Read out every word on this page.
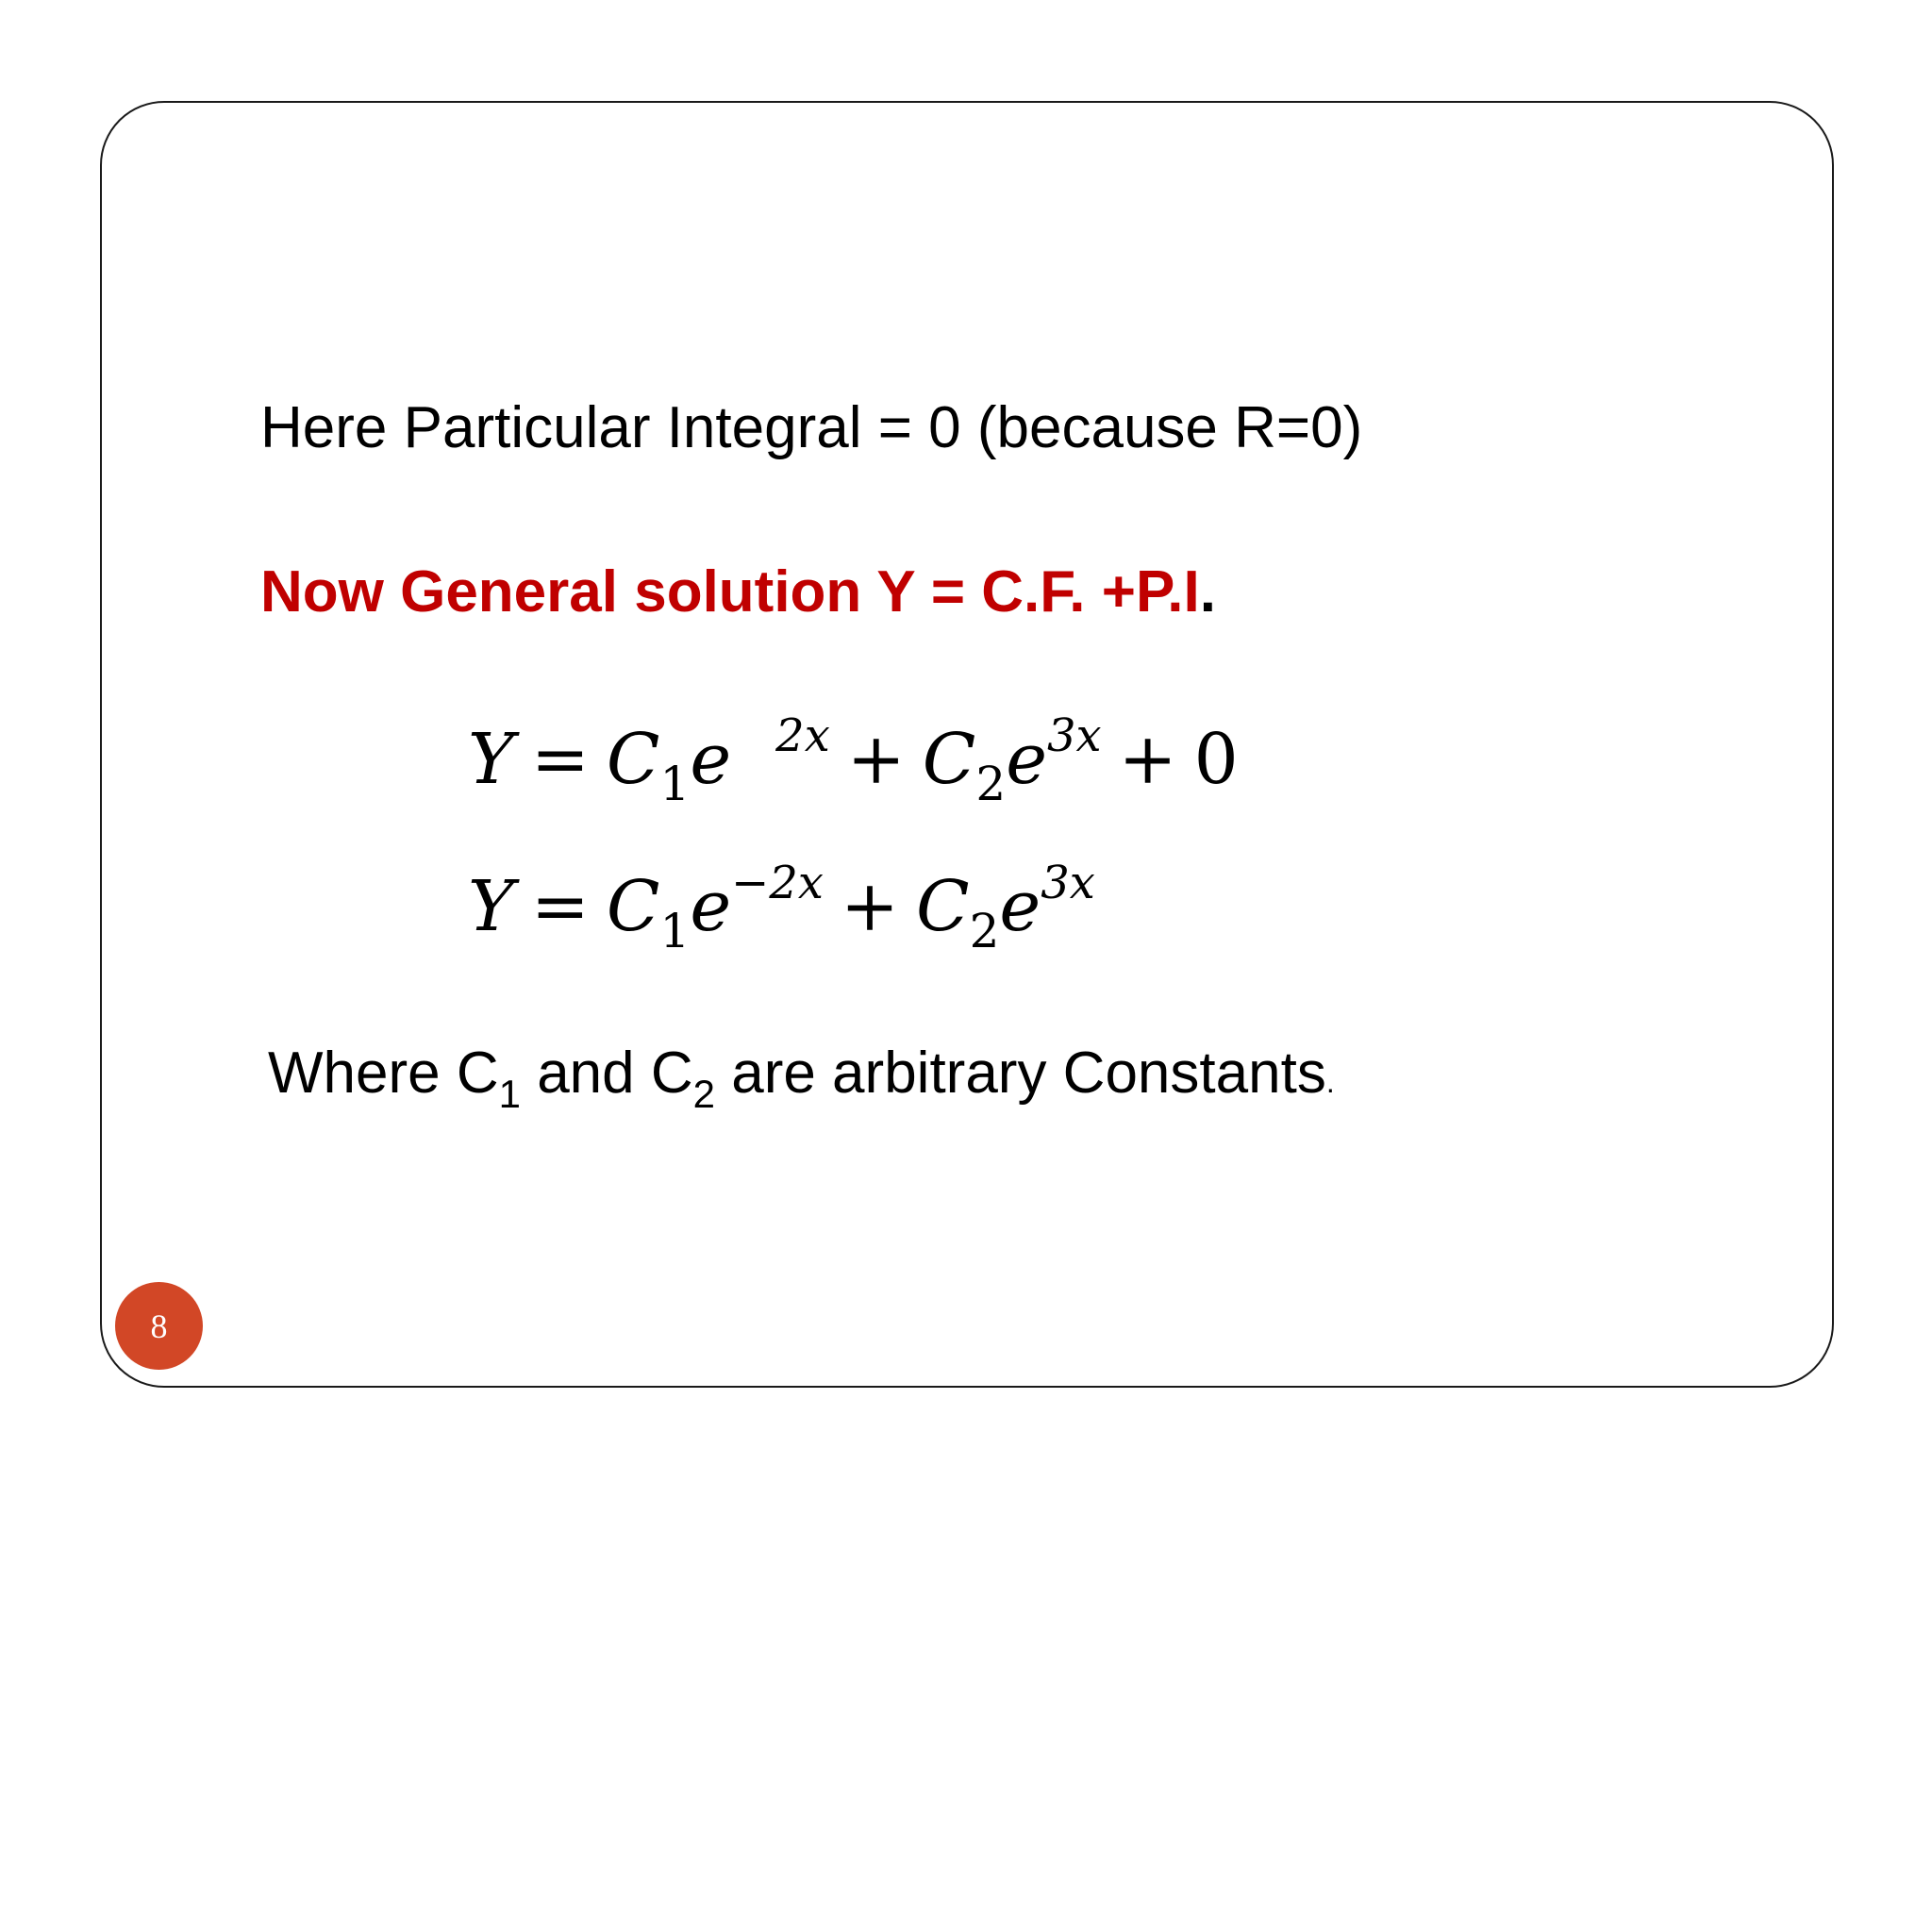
Here Particular Integral = 0 (because R=0)
Now General solution Y = C.F. +P.I.
$Y = C_1e$ $^{2x} + C_2e^{3x} + 0$
$Y = C_1e^{-2x} + C_2e^{3x}$
Where $C_1$ and $C_2$ are arbitrary Constants.
8
